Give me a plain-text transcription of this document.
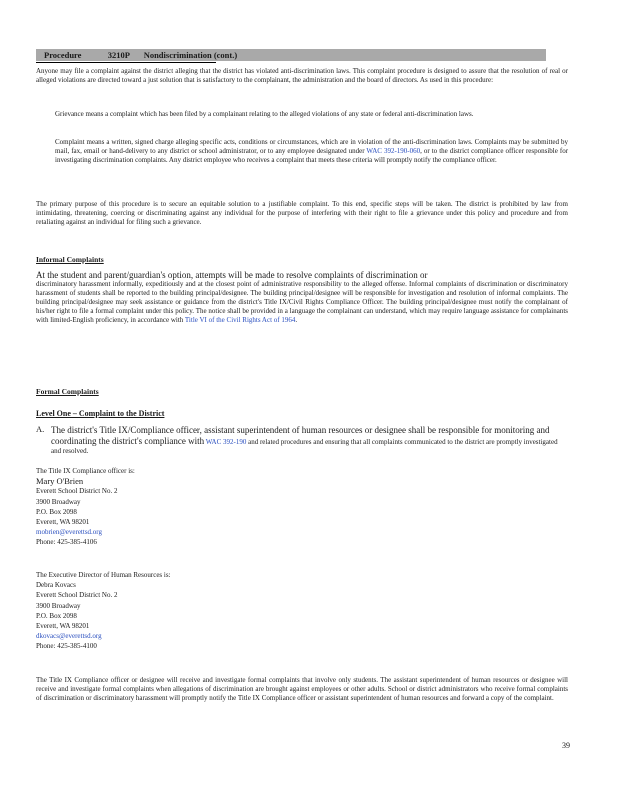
Procedure	3210P Nondiscrimination (cont.)

Anyone may file a complaint against the district alleging that the district has violated anti-discrimination laws. This complaint procedure is designed to assure that the resolution of real or alleged violations are directed toward a just solution that is satisfactory to the complainant, the administration and the board of directors. As used in this procedure:

Grievance means a complaint which has been filed by a complainant relating to the alleged violations of any state or federal anti-discrimination laws.
Complaint means a written, signed charge alleging specific acts, conditions or circumstances, which are in violation of the anti-discrimination laws. Complaints may be submitted by mail, fax, email or hand-delivery to any district or school administrator, or to any employee designated under WAC 392-190-060, or to the district compliance officer responsible for investigating discrimination complaints. Any district employee who receives a complaint that meets these criteria will promptly notify the compliance officer.

The primary purpose of this procedure is to secure an equitable solution to a justifiable complaint. To this end, specific steps will be taken. The district is prohibited by law from intimidating, threatening, coercing or discriminating against any individual for the purpose of interfering with their right to file a grievance under this policy and procedure and from retaliating against an individual for filing such a grievance.

Informal Complaints

At the student and parent/guardian's option, attempts will be made to resolve complaints of discrimination or

discriminatory harassment informally, expeditiously and at the closest point of administrative responsibility to the alleged offense. Informal complaints of discrimination or discriminatory harassment of students shall be reported to the building principal/designee. The building principal/designee will be responsible for investigation and resolution of informal complaints. The building principal/designee may seek assistance or guidance from the district's Title IX/Civil Rights Compliance Officer. The building principal/designee must notify the complainant of his/her right to file a formal complaint under this policy. The notice shall be provided in a language the complainant can understand, which may require language assistance for complainants with limited-English proficiency, in accordance with Title VI of the Civil Rights Act of 1964.

Formal Complaints
Level One – Complaint to the District
A. The district's Title IX/Compliance officer, assistant superintendent of human resources or designee shall be responsible for monitoring and coordinating the district's compliance with WAC 392-190 and related procedures and ensuring that all complaints communicated to the district are promptly investigated and resolved.
The Title IX Compliance officer is:
Mary O'Brien
Everett School District No. 2
3900 Broadway
P.O. Box 2098
Everett, WA 98201
mobrien@everettsd.org
Phone: 425-385-4106
The Executive Director of Human Resources is:
Debra Kovacs
Everett School District No. 2
3900 Broadway
P.O. Box 2098
Everett, WA 98201
dkovacs@everettsd.org
Phone: 425-385-4100

The Title IX Compliance officer or designee will receive and investigate formal complaints that involve only students. The assistant superintendent of human resources or designee will receive and investigate formal complaints when allegations of discrimination are brought against employees or other adults. School or district administrators who receive formal complaints of discrimination or discriminatory harassment will promptly notify the Title IX Compliance officer or assistant superintendent of human resources and forward a copy of the complaint.

39
